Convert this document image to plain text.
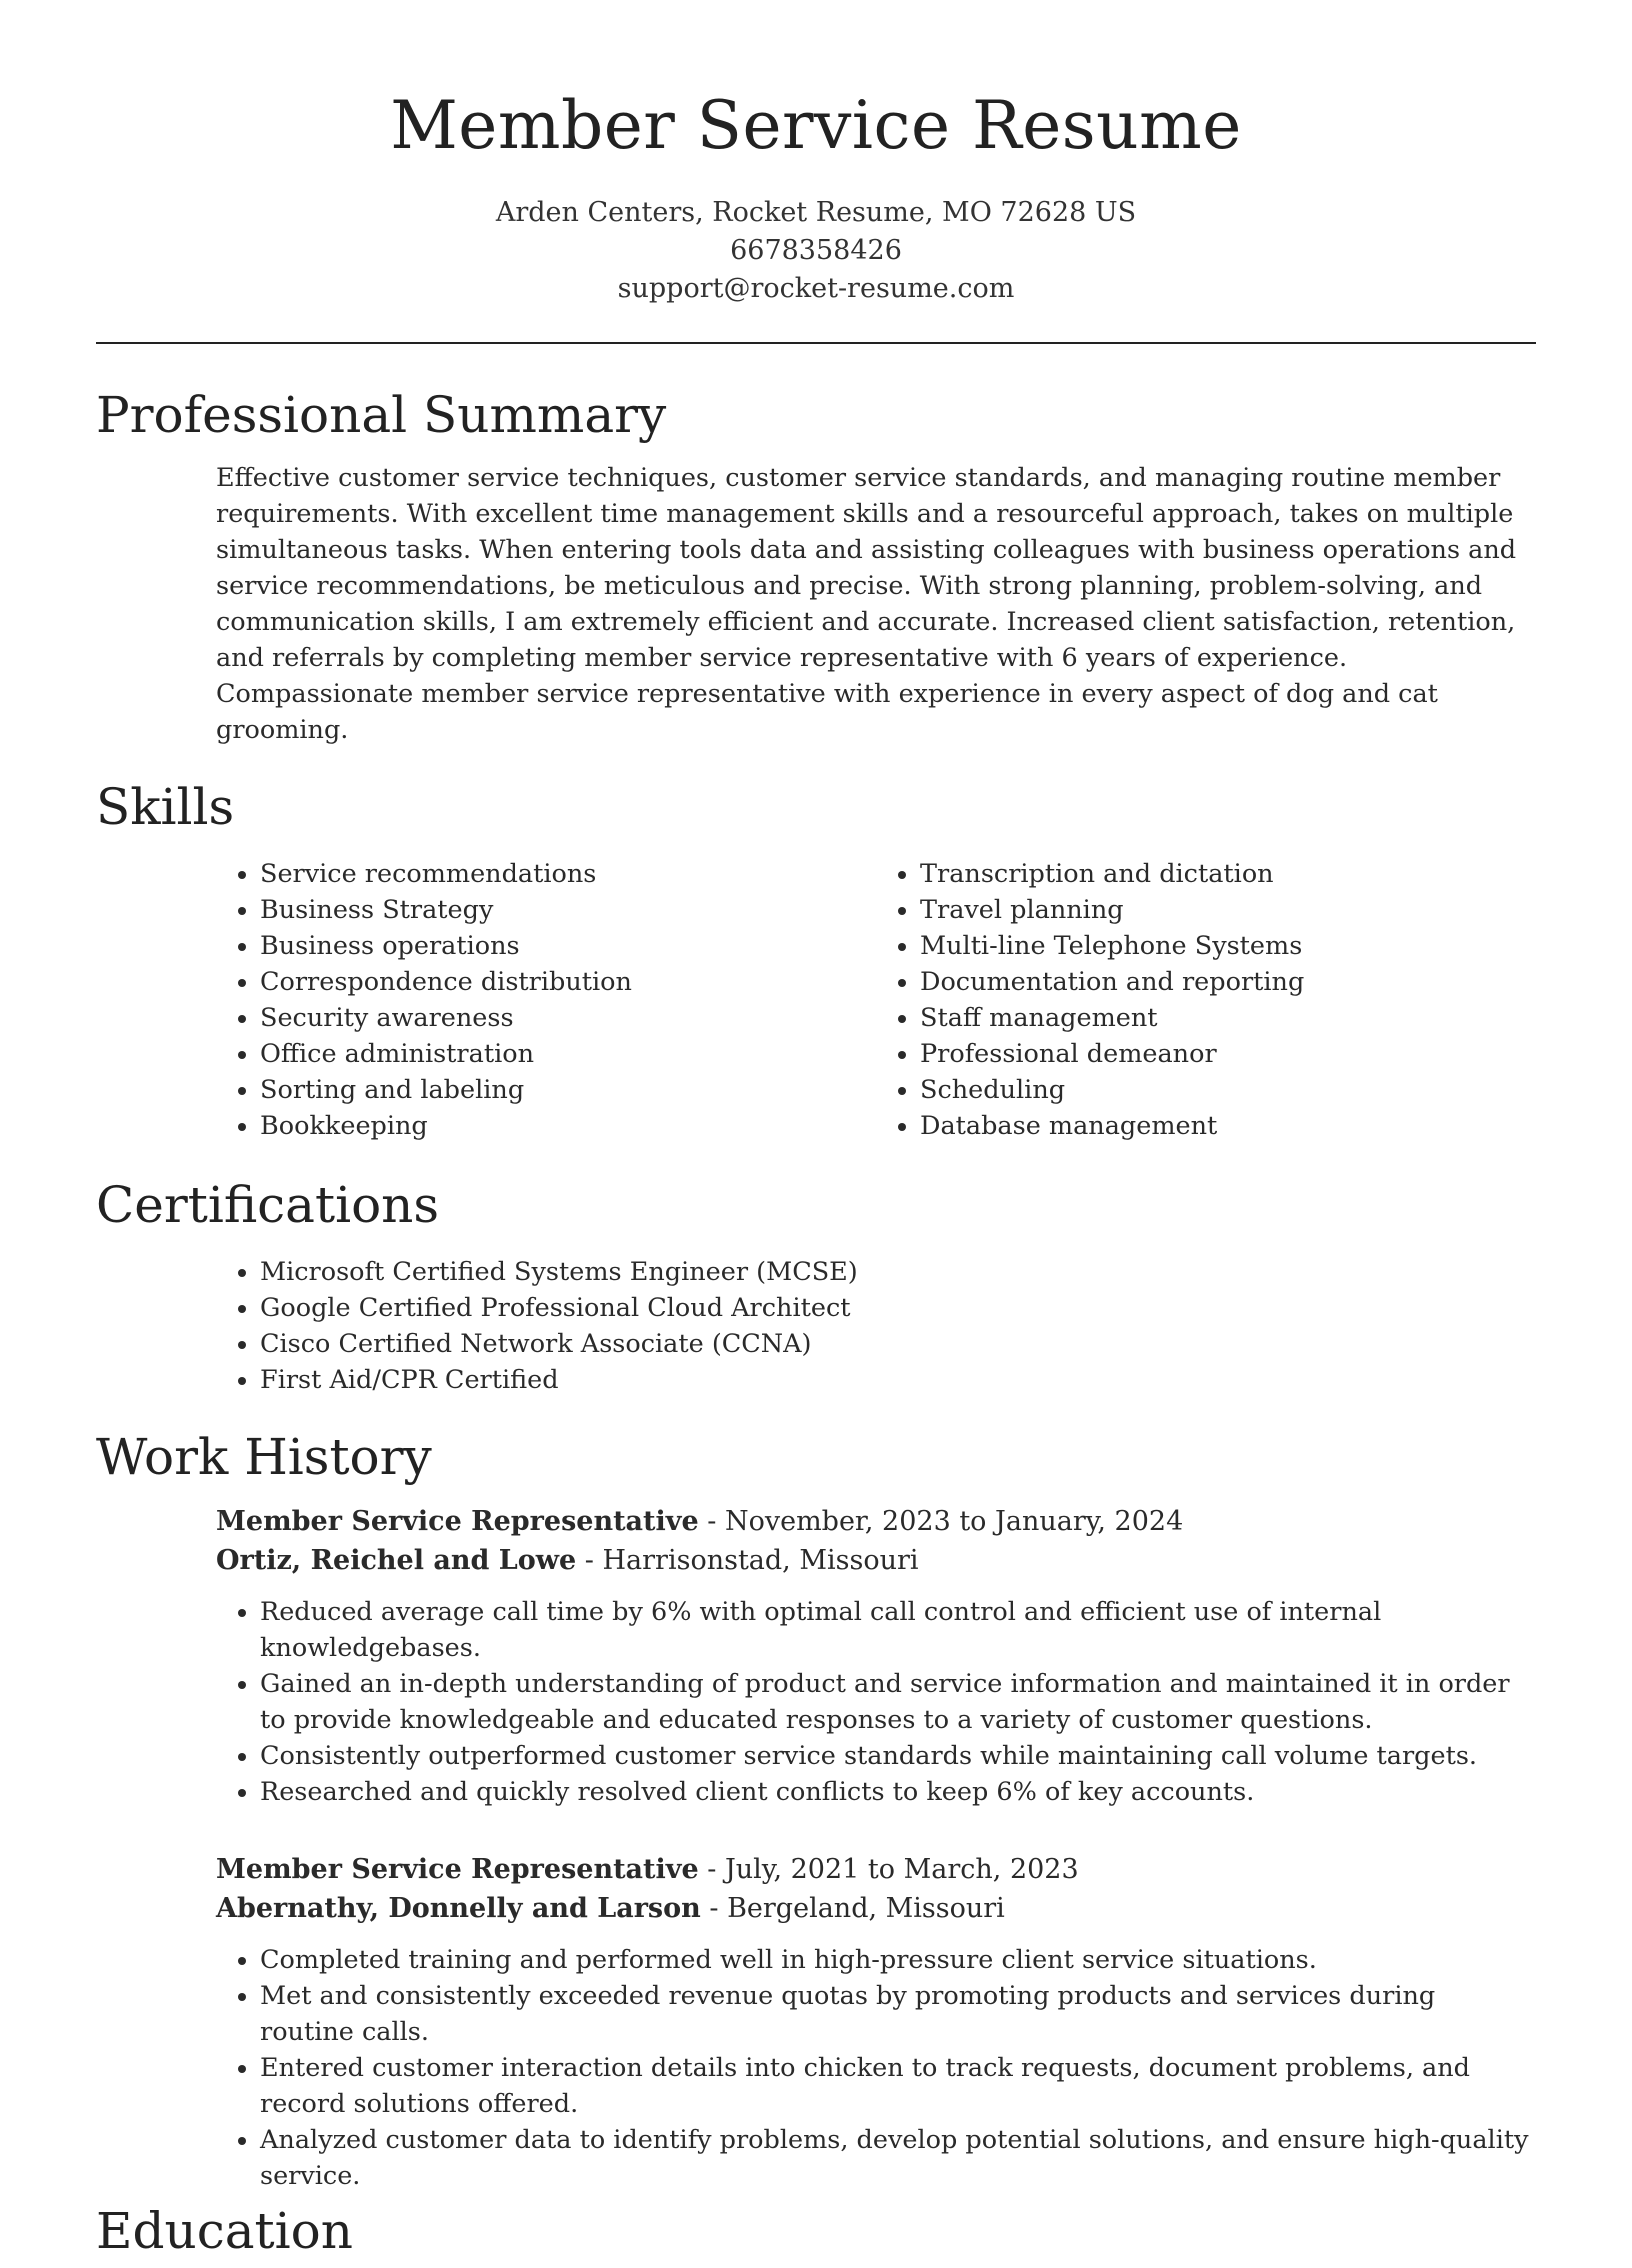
Member Service Resume
Arden Centers, Rocket Resume, MO 72628 US
6678358426
support@rocket-resume.com
Professional Summary

Effective customer service techniques, customer service standards, and managing routine member requirements. With excellent time management skills and a resourceful approach, takes on multiple simultaneous tasks. When entering tools data and assisting colleagues with business operations and service recommendations, be meticulous and precise. With strong planning, problem-solving, and communication skills, I am extremely efficient and accurate. Increased client satisfaction, retention, and referrals by completing member service representative with 6 years of experience. Compassionate member service representative with experience in every aspect of dog and cat grooming.

Skills
• Service recommendations
• Business Strategy
• Business operations
• Correspondence distribution
• Security awareness
• Office administration
• Sorting and labeling
• Bookkeeping
• Transcription and dictation
• Travel planning
• Multi-line Telephone Systems
• Documentation and reporting
• Staff management
• Professional demeanor
• Scheduling
• Database management
Certifications
• Microsoft Certified Systems Engineer (MCSE)
• Google Certified Professional Cloud Architect
• Cisco Certified Network Associate (CCNA)
• First Aid/CPR Certified
Work History
Member Service Representative - November, 2023 to January, 2024
Ortiz, Reichel and Lowe - Harrisonstad, Missouri
• Reduced average call time by 6% with optimal call control and efficient use of internal knowledgebases.
• Gained an in-depth understanding of product and service information and maintained it in order to provide knowledgeable and educated responses to a variety of customer questions.
• Consistently outperformed customer service standards while maintaining call volume targets.
• Researched and quickly resolved client conflicts to keep 6% of key accounts.
Member Service Representative - July, 2021 to March, 2023
Abernathy, Donnelly and Larson - Bergeland, Missouri
• Completed training and performed well in high-pressure client service situations.
• Met and consistently exceeded revenue quotas by promoting products and services during routine calls.
• Entered customer interaction details into chicken to track requests, document problems, and record solutions offered.
• Analyzed customer data to identify problems, develop potential solutions, and ensure high-quality service.
Education
